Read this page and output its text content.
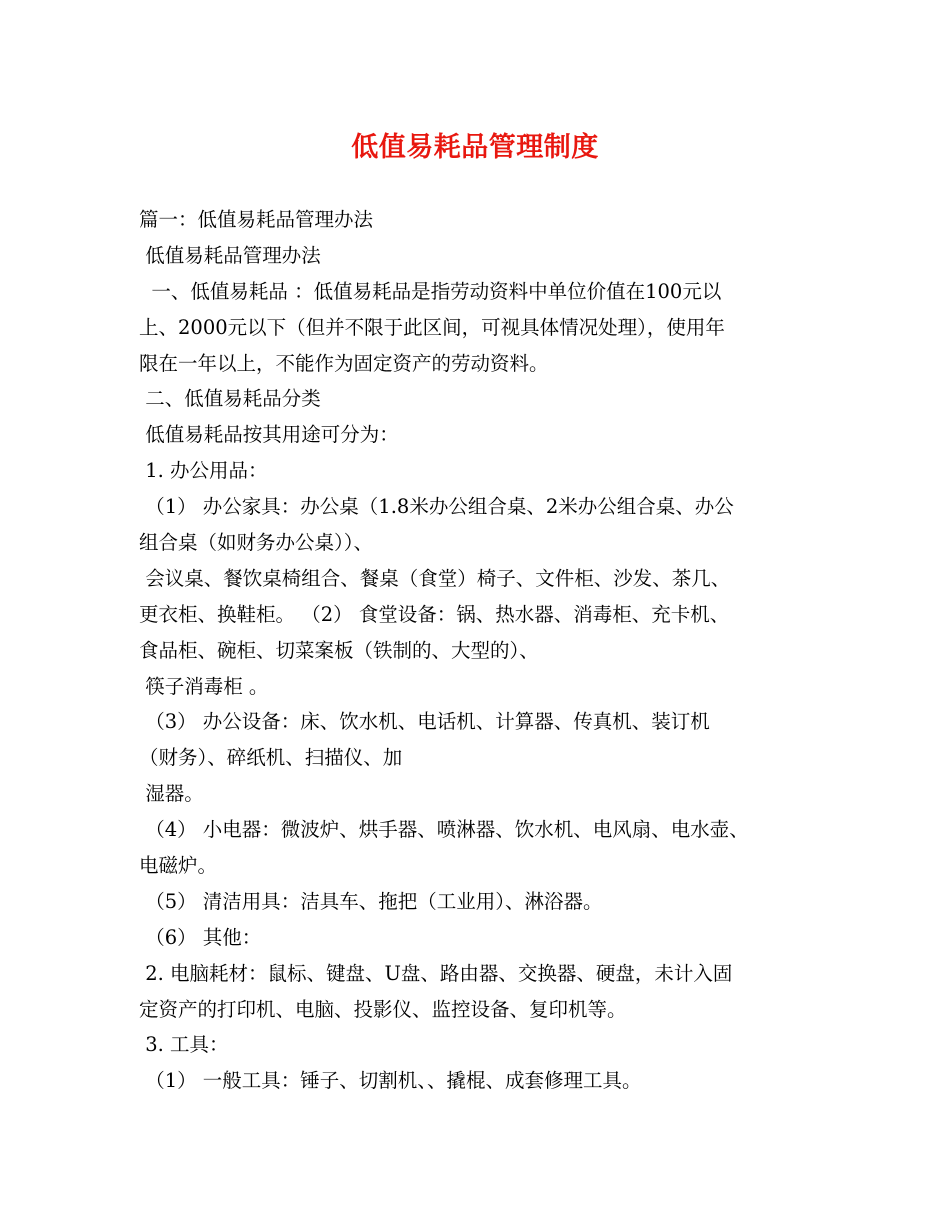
低值易耗品管理制度
篇一：低值易耗品管理办法
低值易耗品管理办法
一、低值易耗品 ：低值易耗品是指劳动资料中单位价值在100元以
上、2000元以下（但并不限于此区间，可视具体情况处理），使用年
限在一年以上，不能作为固定资产的劳动资料。
二、低值易耗品分类
低值易耗品按其用途可分为：
1. 办公用品：
（1） 办公家具：办公桌（1.8米办公组合桌、2米办公组合桌、办公
组合桌（如财务办公桌））、
会议桌、餐饮桌椅组合、餐桌（食堂）椅子、文件柜、沙发、茶几、
更衣柜、换鞋柜。 （2） 食堂设备：锅、热水器、消毒柜、充卡机、
食品柜、碗柜、切菜案板（铁制的、大型的）、
筷子消毒柜 。
（3） 办公设备：床、饮水机、电话机、计算器、传真机、装订机
（财务）、碎纸机、扫描仪、加
湿器。
（4） 小电器：微波炉、烘手器、喷淋器、饮水机、电风扇、电水壶、
电磁炉。
（5） 清洁用具：洁具车、拖把（工业用）、淋浴器。
（6） 其他：
2. 电脑耗材：鼠标、键盘、U盘、路由器、交换器、硬盘，未计入固
定资产的打印机、电脑、投影仪、监控设备、复印机等。
3. 工具：
（1） 一般工具：锤子、切割机、、撬棍、成套修理工具。
